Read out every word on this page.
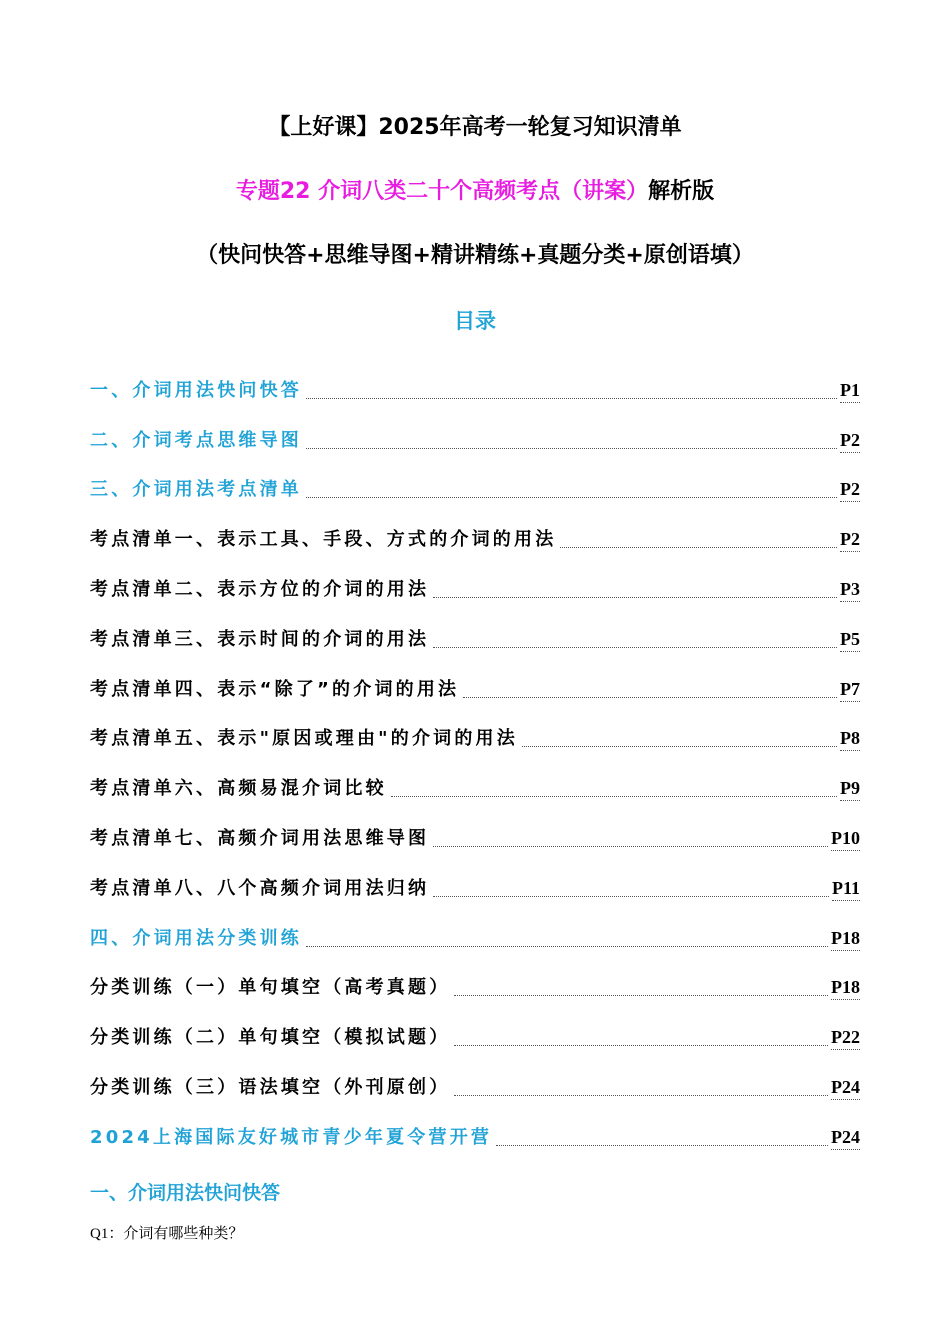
【上好课】2025年高考一轮复习知识清单
专题22 介词八类二十个高频考点（讲案）解析版
（快问快答+思维导图+精讲精练+真题分类+原创语填）
目录
一、介词用法快问快答	P1
二、介词考点思维导图	P2
三、介词用法考点清单	P2
考点清单一、表示工具、手段、方式的介词的用法	P2
考点清单二、表示方位的介词的用法	P3
考点清单三、表示时间的介词的用法	P5
考点清单四、表示“除了”的介词的用法	P7
考点清单五、表示"原因或理由"的介词的用法	P8
考点清单六、高频易混介词比较	P9
考点清单七、高频介词用法思维导图	P10
考点清单八、八个高频介词用法归纳	P11
四、介词用法分类训练	P18
分类训练（一）单句填空（高考真题）	P18
分类训练（二）单句填空（模拟试题）	P22
分类训练（三）语法填空（外刊原创）	P24
2024上海国际友好城市青少年夏令营开营	P24
一、介词用法快问快答
Q1：介词有哪些种类？
